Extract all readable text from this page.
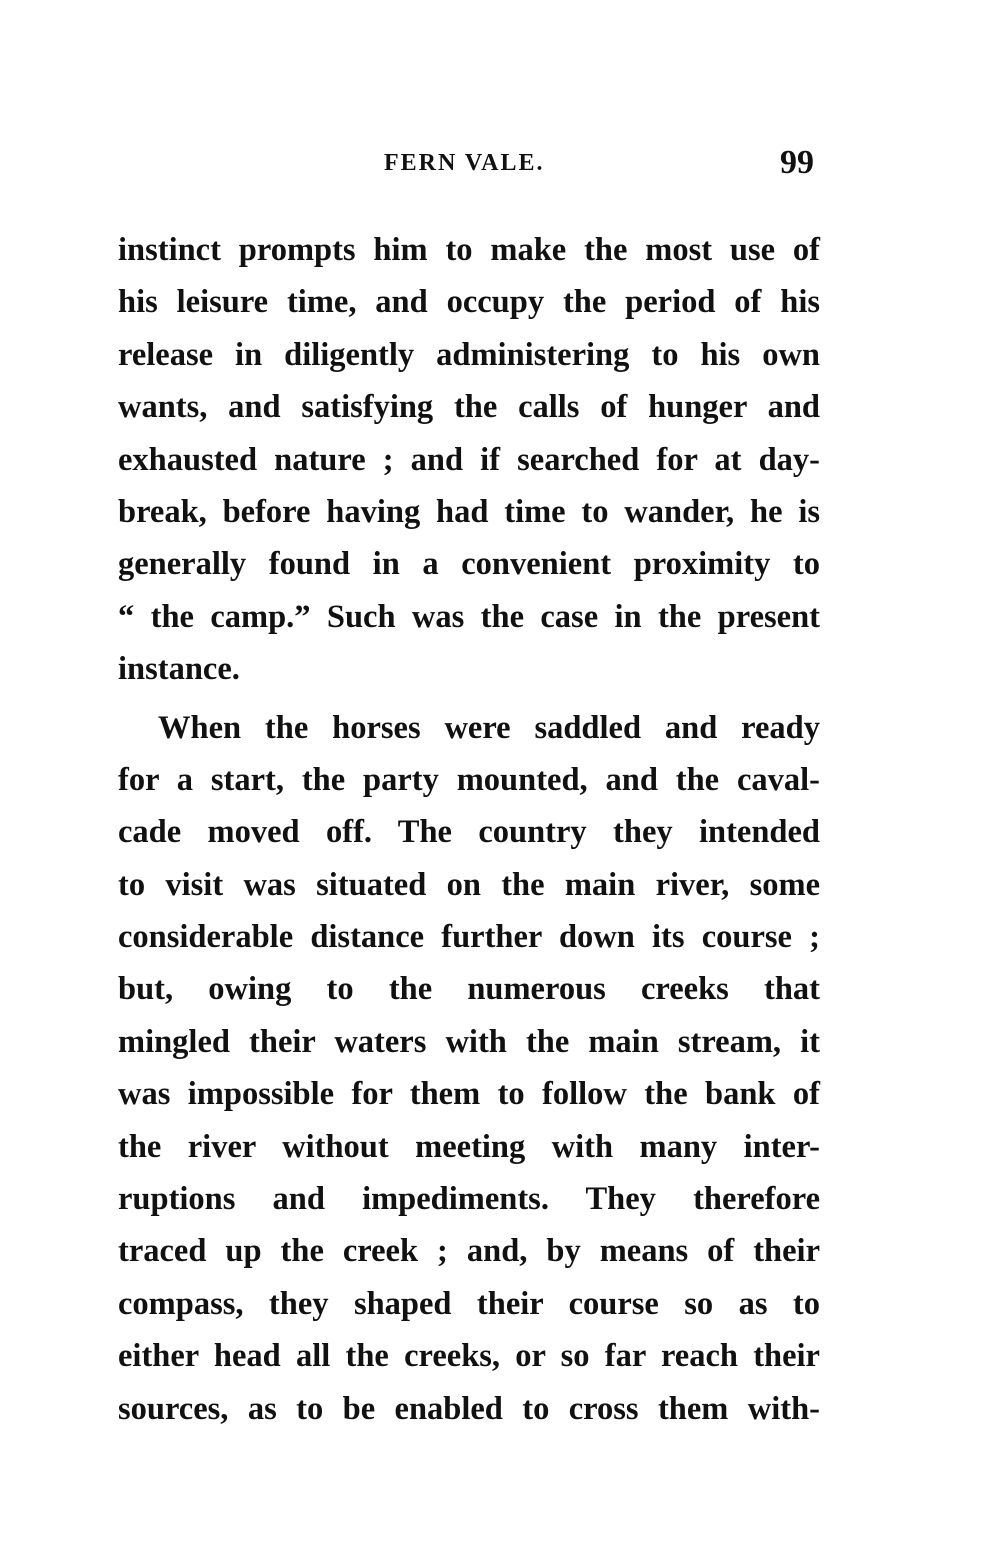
FERN VALE.	99
instinct prompts him to make the most use of
his leisure time, and occupy the period of his
release in diligently administering to his own
wants, and satisfying the calls of hunger and
exhausted nature ; and if searched for at day-
break, before having had time to wander, he is
generally found in a convenient proximity to
“ the camp.” Such was the case in the present
instance.
When the horses were saddled and ready
for a start, the party mounted, and the caval-
cade moved off. The country they intended
to visit was situated on the main river, some
considerable distance further down its course ;
but, owing to the numerous creeks that
mingled their waters with the main stream, it
was impossible for them to follow the bank of
the river without meeting with many inter-
ruptions and impediments. They therefore
traced up the creek ; and, by means of their
compass, they shaped their course so as to
either head all the creeks, or so far reach their
sources, as to be enabled to cross them with-
